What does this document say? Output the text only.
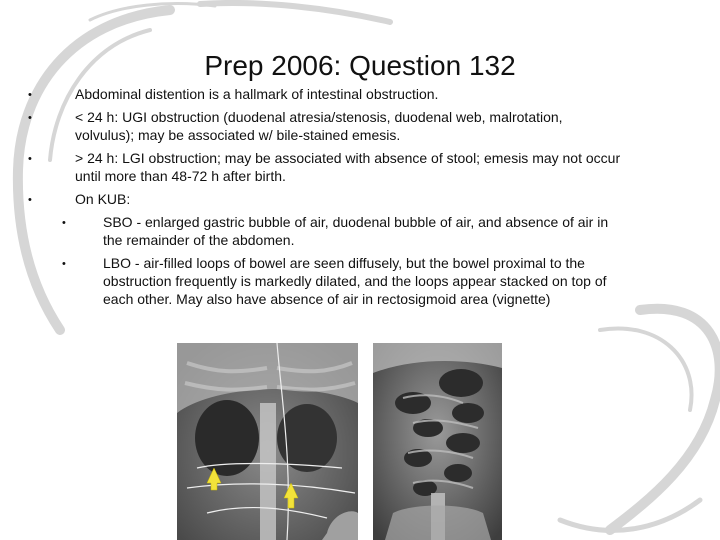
Prep 2006: Question 132
•	Abdominal distention is a hallmark of intestinal obstruction.
•	< 24 h: UGI obstruction (duodenal atresia/stenosis, duodenal web, malrotation,
volvulus); may be associated w/ bile-stained emesis.
•	> 24 h: LGI obstruction; may be associated with absence of stool; emesis may not occur
until more than 48-72 h after birth.
•	On KUB:
•	SBO - enlarged gastric bubble of air, duodenal bubble of air, and absence of air in
the remainder of the abdomen.
•	LBO - air-filled loops of bowel are seen diffusely, but the bowel proximal to the
obstruction frequently is markedly dilated, and the loops appear stacked on top of
each other. May also have absence of air in rectosigmoid area (vignette)
